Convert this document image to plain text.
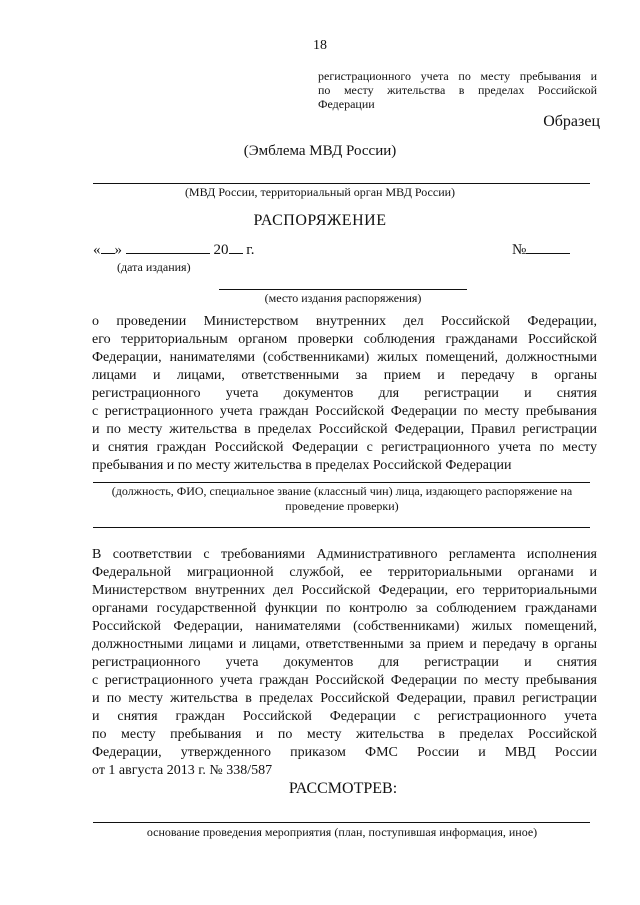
18
регистрационного учета по месту пребывания и
по месту жительства в пределах Российской
Федерации
Образец
(Эмблема МВД России)
(МВД России, территориальный орган МВД России)
РАСПОРЯЖЕНИЕ
« »	20 г.
(дата издания)
№
(место издания распоряжения)
о проведении Министерством внутренних дел Российской Федерации,
его территориальным органом проверки соблюдения гражданами Российской
Федерации, нанимателями (собственниками) жилых помещений, должностными
лицами и лицами, ответственными за прием и передачу в органы
регистрационного учета документов для регистрации и снятия
с регистрационного учета граждан Российской Федерации по месту пребывания
и по месту жительства в пределах Российской Федерации, Правил регистрации
и снятия граждан Российской Федерации с регистрационного учета по месту
пребывания и по месту жительства в пределах Российской Федерации
(должность, ФИО, специальное звание (классный чин) лица, издающего распоряжение на
проведение проверки)
В соответствии с требованиями Административного регламента исполнения
Федеральной миграционной службой, ее территориальными органами и
Министерством внутренних дел Российской Федерации, его территориальными
органами государственной функции по контролю за соблюдением гражданами
Российской Федерации, нанимателями (собственниками) жилых помещений,
должностными лицами и лицами, ответственными за прием и передачу в органы
регистрационного учета документов для регистрации и снятия
с регистрационного учета граждан Российской Федерации по месту пребывания
и по месту жительства в пределах Российской Федерации, правил регистрации
и снятия граждан Российской Федерации с регистрационного учета
по месту пребывания и по месту жительства в пределах Российской
Федерации, утвержденного приказом ФМС России и МВД России
от 1 августа 2013 г. № 338/587
РАССМОТРЕВ:
основание проведения мероприятия (план, поступившая информация, иное)
